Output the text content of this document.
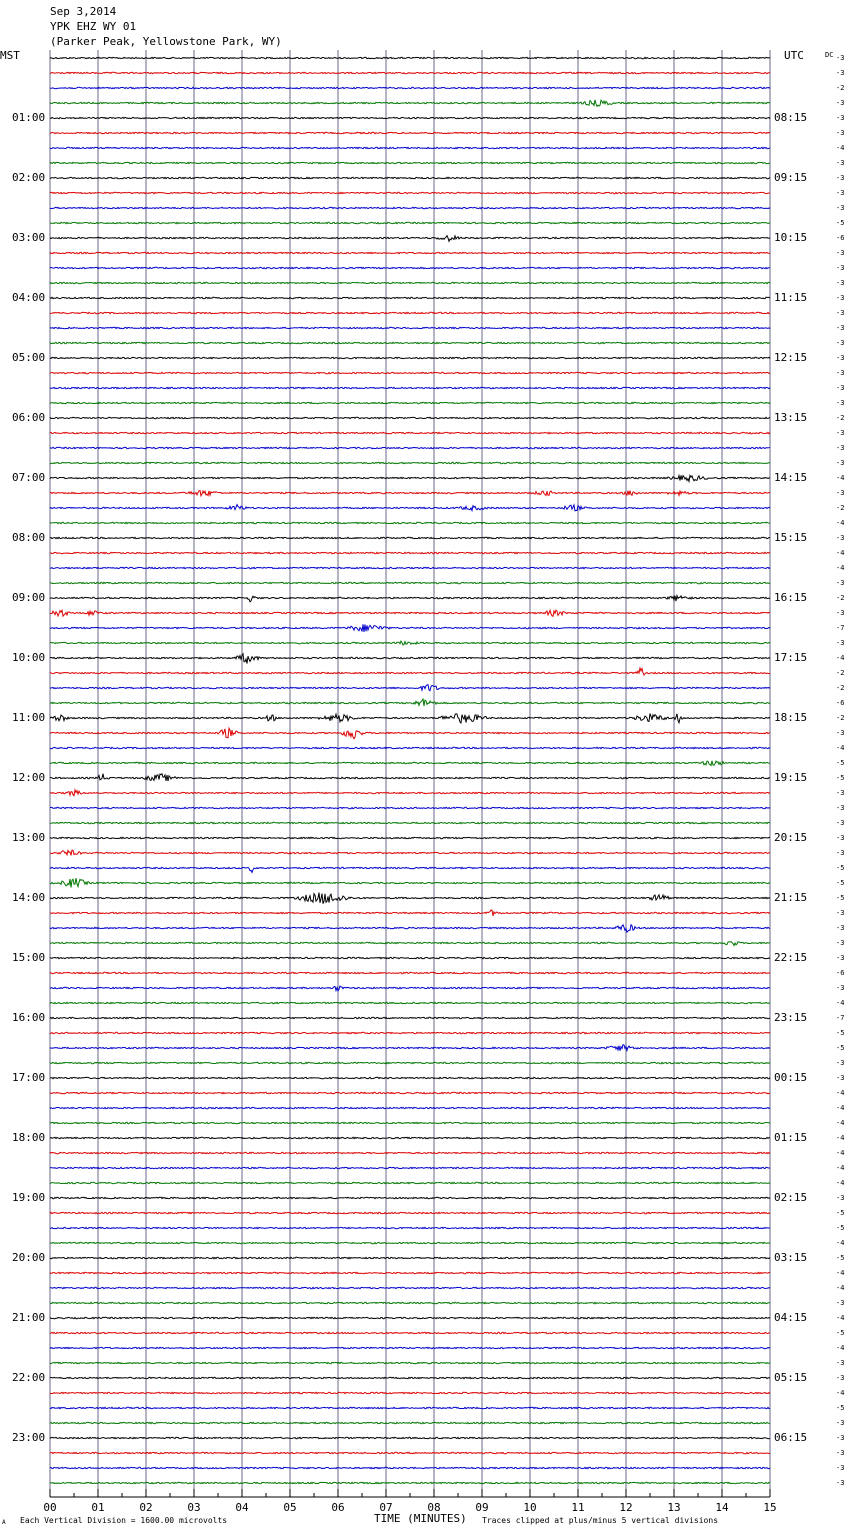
00	01	02	03	04	05	06	07	08	09	10	11	12	13	14	15
Sep 3,2014
YPK EHZ WY 01
(Parker Peak, Yellowstone Park, WY)
MST	UTC	DC
01:00
02:00
03:00
04:00
05:00
06:00
07:00
08:00
09:00
10:00
11:00
12:00
13:00
14:00
15:00
16:00
17:00
18:00
19:00
20:00
21:00
22:00
23:00
08:15
09:15
10:15
11:15
12:15
13:15
14:15
15:15
16:15
17:15
18:15
19:15
20:15
21:15
22:15
23:15
00:15
01:15
02:15
03:15
04:15
05:15
06:15
-3
-3
-2
-3
-3
-3
-4
-3
-3
-3
-3
-5
-6
-3
-3
-3
-3
-3
-3
-3
-3
-3
-3
-3
-2
-3
-3
-3
-4
-3
-2
-4
-3
-4
-4
-3
-2
-3
-7
-3
-4
-2
-2
-6
-2
-3
-4
-5
-5
-3
-3
-3
-3
-3
-5
-5
-5
-3
-3
-3
-3
-6
-3
-4
-7
-5
-5
-3
-3
-4
-4
-4
-4
-4
-4
-4
-3
-5
-5
-4
-5
-4
-4
-3
-4
-5
-4
-3
-3
-4
-5
-3
-3
-3
-3
-3
A Each Vertical Division = 1600.00 microvolts	TIME (MINUTES) Traces clipped at plus/minus 5 vertical divisions
